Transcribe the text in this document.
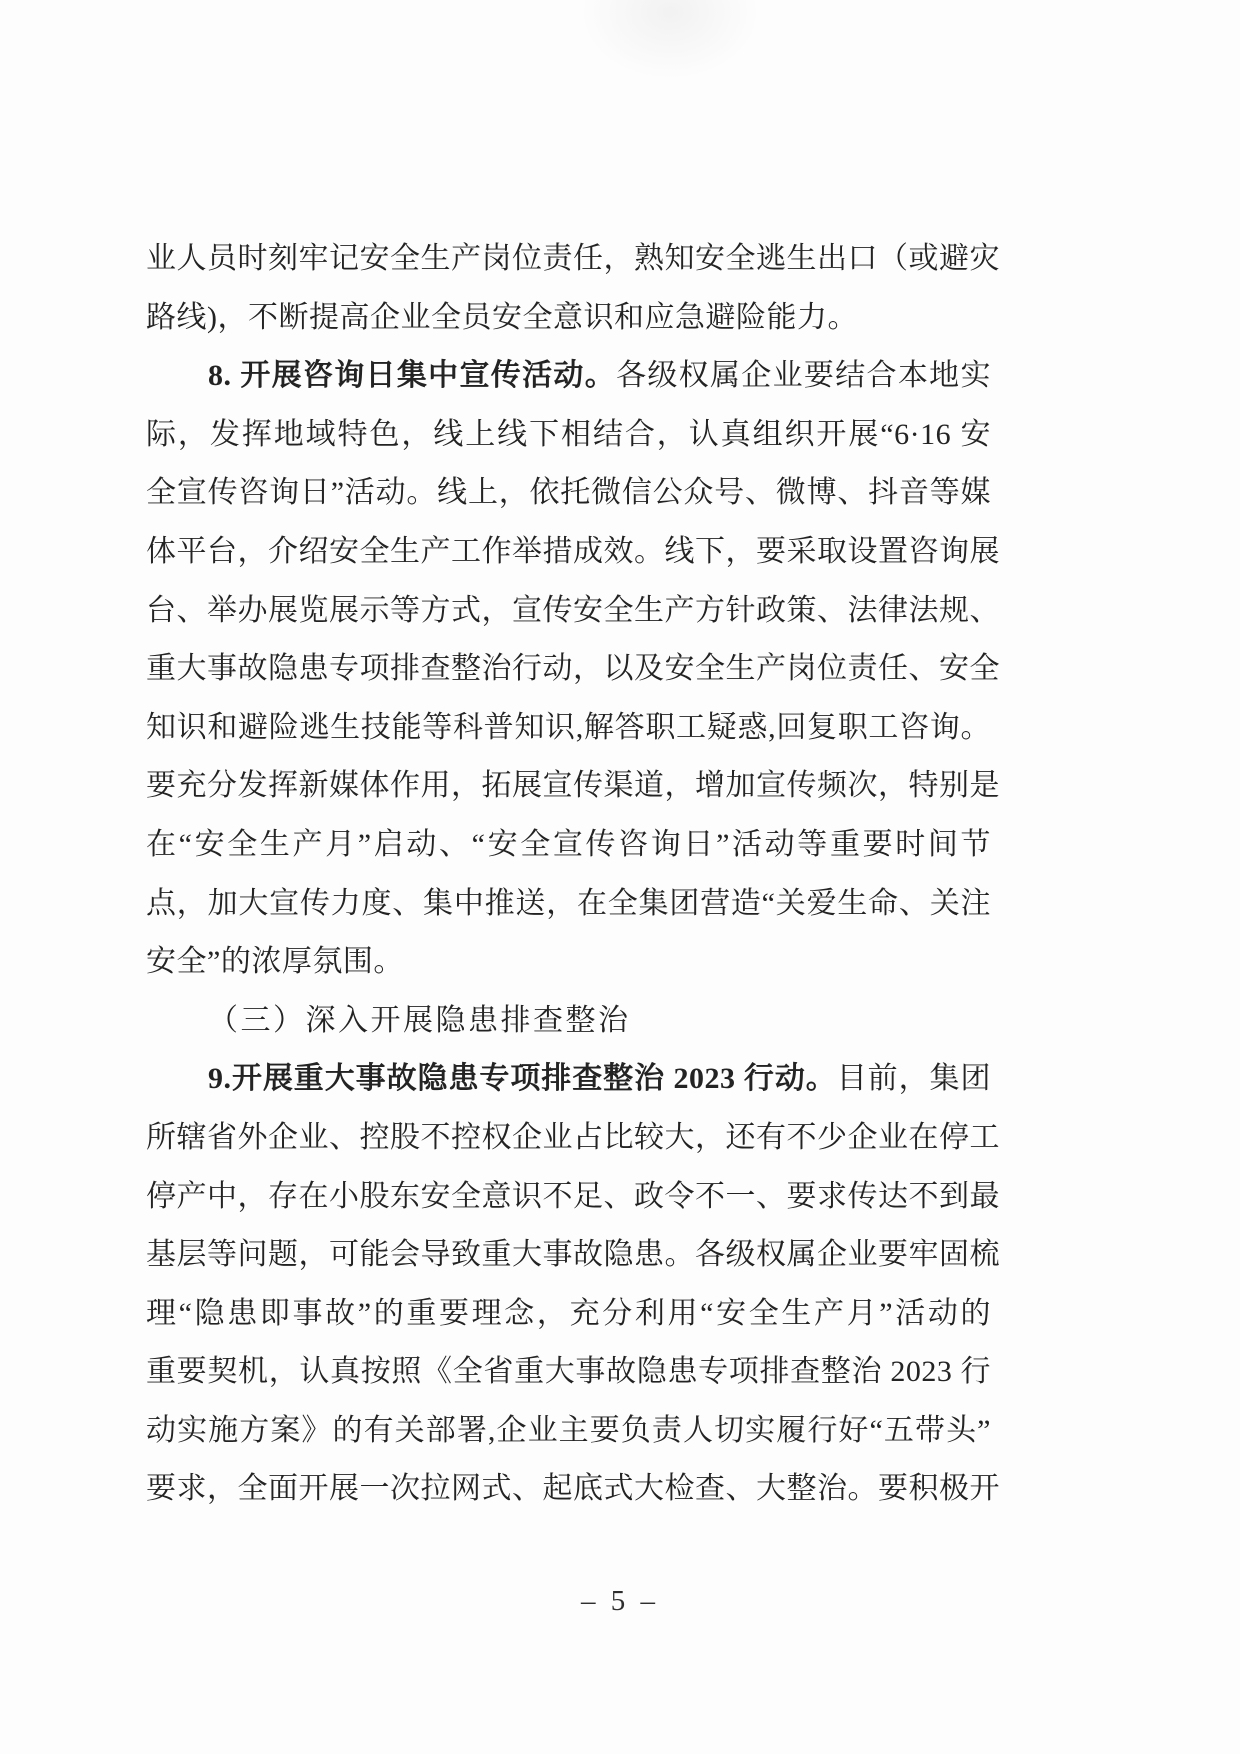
业人员时刻牢记安全生产岗位责任，熟知安全逃生出口（或避灾
路线)，不断提高企业全员安全意识和应急避险能力。
8. 开展咨询日集中宣传活动。各级权属企业要结合本地实
际，发挥地域特色，线上线下相结合，认真组织开展“6·16 安
全宣传咨询日”活动。线上，依托微信公众号、微博、抖音等媒
体平台，介绍安全生产工作举措成效。线下，要采取设置咨询展
台、举办展览展示等方式，宣传安全生产方针政策、法律法规、
重大事故隐患专项排查整治行动，以及安全生产岗位责任、安全
知识和避险逃生技能等科普知识,解答职工疑惑,回复职工咨询。
要充分发挥新媒体作用，拓展宣传渠道，增加宣传频次，特别是
在“安全生产月”启动、“安全宣传咨询日”活动等重要时间节
点，加大宣传力度、集中推送，在全集团营造“关爱生命、关注
安全”的浓厚氛围。
（三）深入开展隐患排查整治
9.开展重大事故隐患专项排查整治 2023 行动。目前，集团
所辖省外企业、控股不控权企业占比较大，还有不少企业在停工
停产中，存在小股东安全意识不足、政令不一、要求传达不到最
基层等问题，可能会导致重大事故隐患。各级权属企业要牢固梳
理“隐患即事故”的重要理念，充分利用“安全生产月”活动的
重要契机，认真按照《全省重大事故隐患专项排查整治 2023 行
动实施方案》的有关部署,企业主要负责人切实履行好“五带头”
要求，全面开展一次拉网式、起底式大检查、大整治。要积极开
– 5 –
